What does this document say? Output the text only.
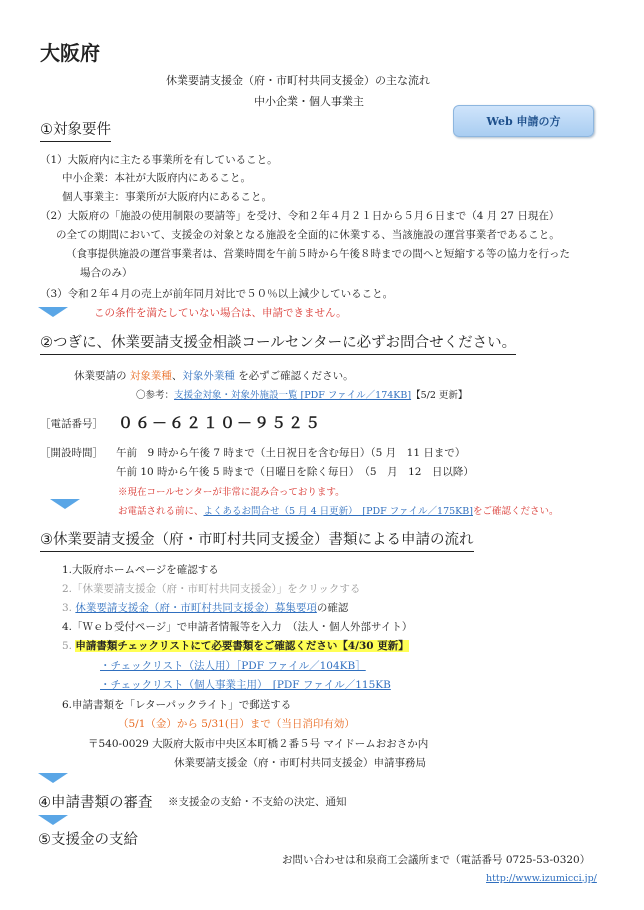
大阪府
休業要請支援金（府・市町村共同支援金）の主な流れ
中小企業・個人事業主
Web 申請の方
①対象要件
（1）大阪府内に主たる事業所を有していること。
中小企業：本社が大阪府内にあること。
個人事業主：事業所が大阪府内にあること。
（2）大阪府の「施設の使用制限の要請等」を受け、令和２年４月２１日から５月６日まで（4 月 27 日現在）
の全ての期間において、支援金の対象となる施設を全面的に休業する、当該施設の運営事業者であること。
（食事提供施設の運営事業者は、営業時間を午前５時から午後８時までの間へと短縮する等の協力を行った
場合のみ）
（3）令和２年４月の売上が前年同月対比で５０％以上減少していること。
この条件を満たしていない場合は、申請できません。
②つぎに、休業要請支援金相談コールセンターに必ずお問合せください。
休業要請の 対象業種、対象外業種 を必ずご確認ください。
〇参考：支援金対象・対象外施設一覧 [PDF ファイル／174KB]【5/2 更新】
［電話番号］ ０６－６２１０－９５２５
［開設時間］ 午前　9 時から午後 7 時まで（土日祝日を含む毎日）（5 月　11 日まで）
午前 10 時から午後 5 時まで（日曜日を除く毎日）　（5　月　12　日以降）
※現在コールセンターが非常に混み合っております。
お電話される前に、よくあるお問合せ（5 月 4 日更新）　[PDF ファイル／175KB]をご確認ください。
③休業要請支援金（府・市町村共同支援金）書類による申請の流れ
1.大阪府ホームページを確認する
2.「休業要請支援金（府・市町村共同支援金）」をクリックする
3. 休業要請支援金（府・市町村共同支援金）募集要項の確認
4.「Ｗｅｂ受付ページ」で申請者情報等を入力　（法人・個人外部サイト）
5. 申請書類チェックリストにて必要書類をご確認ください【4/30 更新】
・チェックリスト（法人用）［PDF ファイル／104KB］
・チェックリスト（個人事業主用）　[PDF ファイル／115KB
6.申請書類を「レターパックライト」で郵送する
（5/1（金）から 5/31(日）まで（当日消印有効）
〒540-0029 大阪府大阪市中央区本町橋２番５号 マイドームおおさか内
休業要請支援金（府・市町村共同支援金）申請事務局
④申請書類の審査 ※支援金の支給・不支給の決定、通知
⑤支援金の支給
お問い合わせは和泉商工会議所まで（電話番号 0725-53-0320）
http://www.izumicci.jp/
